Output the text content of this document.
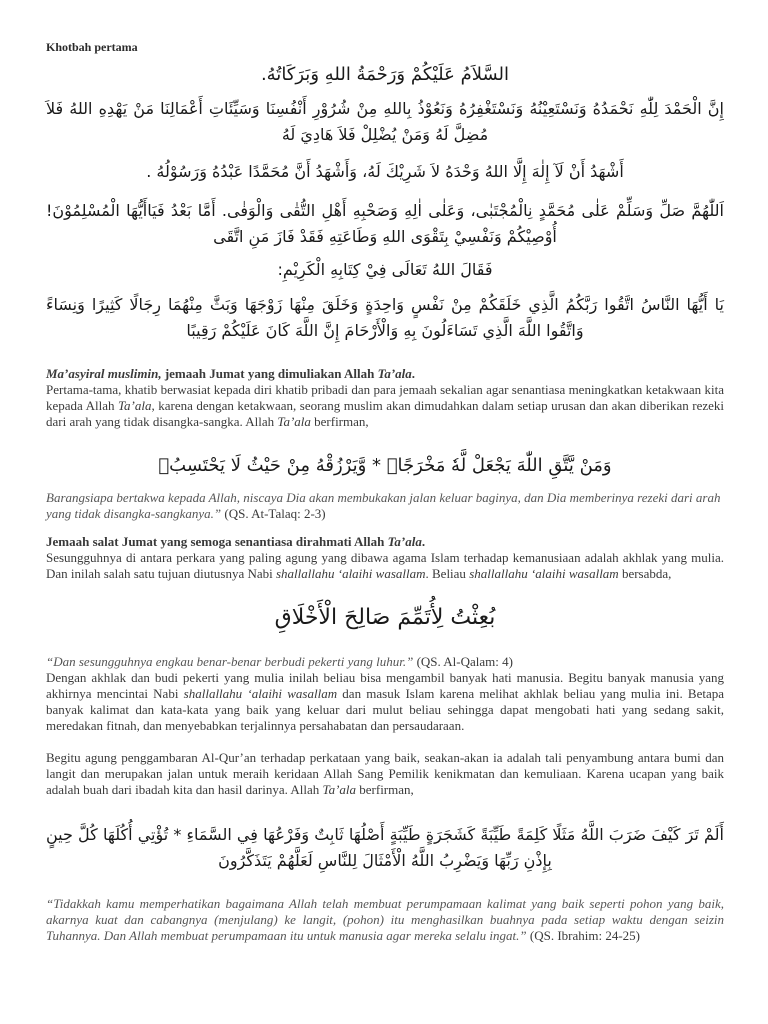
Khotbah pertama
السَّلاَمُ عَلَيْكُمْ وَرَحْمَةُ اللهِ وَبَرَكَاتُهُ.
إِنَّ الْحَمْدَ لِلّٰهِ نَحْمَدُهُ وَنَسْتَعِيْنُهُ وَنَسْتَغْفِرُهُ وَنَعُوْذُ بِاللهِ مِنْ شُرُوْرِ أَنْفُسِنَا وَسَيِّئَاتِ أَعْمَالِنَا مَنْ يَهْدِهِ اللهُ فَلاَ مُضِلَّ لَهُ وَمَنْ يُضْلِلْ فَلاَ هَادِيَ لَهُ
أَشْهَدُ أَنْ لَآ إِلٰهَ إِلَّا اللهُ وَحْدَهُ لاَ شَرِيْكَ لَهُ، وَأَشْهَدُ أَنَّ مُحَمَّدًا عَبْدُهُ وَرَسُوْلُهُ .
اَللّٰهُمَّ صَلِّ وَسَلِّمْ عَلٰى مُحَمَّدٍ نِالْمُجْتَبٰى، وَعَلٰى اٰلِهِ وَصَحْبِهِ أَهْلِ التُّقٰى وَالْوَفٰى. أَمَّا بَعْدُ فَيَاأَيُّهَا الْمُسْلِمُوْنَ! أُوْصِيْكُمْ وَنَفْسِيْ بِتَقْوَى اللهِ وَطَاعَتِهِ فَقَدْ فَازَ مَنِ اتَّقَى
فَقَالَ اللهُ تَعَالَى فِيْ كِتَابِهِ الْكَرِيْمِ:
يَا أَيُّهَا النَّاسُ اتَّقُوا رَبَّكُمُ الَّذِي خَلَقَكُمْ مِنْ نَفْسٍ وَاحِدَةٍ وَخَلَقَ مِنْهَا زَوْجَهَا وَبَثَّ مِنْهُمَا رِجَالًا كَثِيرًا وَنِسَاءً وَاتَّقُوا اللَّهَ الَّذِي تَسَاءَلُونَ بِهِ وَالْأَرْحَامَ إِنَّ اللَّهَ كَانَ عَلَيْكُمْ رَقِيبًا

Ma’asyiral muslimin, jemaah Jumat yang dimuliakan Allah Ta’ala.

Pertama-tama, khatib berwasiat kepada diri khatib pribadi dan para jemaah sekalian agar senantiasa meningkatkan ketakwaan kita kepada Allah Ta’ala, karena dengan ketakwaan, seorang muslim akan dimudahkan dalam setiap urusan dan akan diberikan rezeki dari arah yang tidak disangka-sangka. Allah Ta’ala berfirman,

وَمَنْ يَّتَّقِ اللّٰهَ يَجْعَلْ لَّهٗ مَخْرَجًاۙ * وَّيَرْزُقْهُ مِنْ حَيْثُ لَا يَحْتَسِبُۗ
Barangsiapa bertakwa kepada Allah, niscaya Dia akan membukakan jalan keluar baginya, dan Dia memberinya rezeki dari arah yang tidak disangka-sangkanya.” (QS. At-Talaq: 2-3)

Jemaah salat Jumat yang semoga senantiasa dirahmati Allah Ta’ala.

Sesungguhnya di antara perkara yang paling agung yang dibawa agama Islam terhadap kemanusiaan adalah akhlak yang mulia. Dan inilah salah satu tujuan diutusnya Nabi shallallahu ‘alaihi wasallam. Beliau shallallahu ‘alaihi wasallam bersabda,

بُعِثْتُ لِأُتَمِّمَ صَالِحَ الْأَخْلَاقِ

“Dan sesungguhnya engkau benar-benar berbudi pekerti yang luhur.” (QS. Al-Qalam: 4)

Dengan akhlak dan budi pekerti yang mulia inilah beliau bisa mengambil banyak hati manusia. Begitu banyak manusia yang akhirnya mencintai Nabi shallallahu ‘alaihi wasallam dan masuk Islam karena melihat akhlak beliau yang mulia ini. Betapa banyak kalimat dan kata-kata yang baik yang keluar dari mulut beliau sehingga dapat mengobati hati yang sedang sakit, meredakan fitnah, dan menyebabkan terjalinnya persahabatan dan persaudaraan.

Begitu agung penggambaran Al-Qur’an terhadap perkataan yang baik, seakan-akan ia adalah tali penyambung antara bumi dan langit dan merupakan jalan untuk meraih keridaan Allah Sang Pemilik kenikmatan dan kemuliaan. Karena ucapan yang baik adalah buah dari ibadah kita dan hasil darinya. Allah Ta’ala berfirman,

أَلَمْ تَرَ كَيْفَ ضَرَبَ اللَّهُ مَثَلًا كَلِمَةً طَيِّبَةً كَشَجَرَةٍ طَيِّبَةٍ أَصْلُهَا ثَابِتٌ وَفَرْعُهَا فِي السَّمَاءِ * تُؤْتِي أُكُلَهَا كُلَّ حِينٍ بِإِذْنِ رَبِّهَا وَيَضْرِبُ اللَّهُ الْأَمْثَالَ لِلنَّاسِ لَعَلَّهُمْ يَتَذَكَّرُونَ
“Tidakkah kamu memperhatikan bagaimana Allah telah membuat perumpamaan kalimat yang baik seperti pohon yang baik, akarnya kuat dan cabangnya (menjulang) ke langit, (pohon) itu menghasilkan buahnya pada setiap waktu dengan seizin Tuhannya. Dan Allah membuat perumpamaan itu untuk manusia agar mereka selalu ingat.” (QS. Ibrahim: 24-25)
